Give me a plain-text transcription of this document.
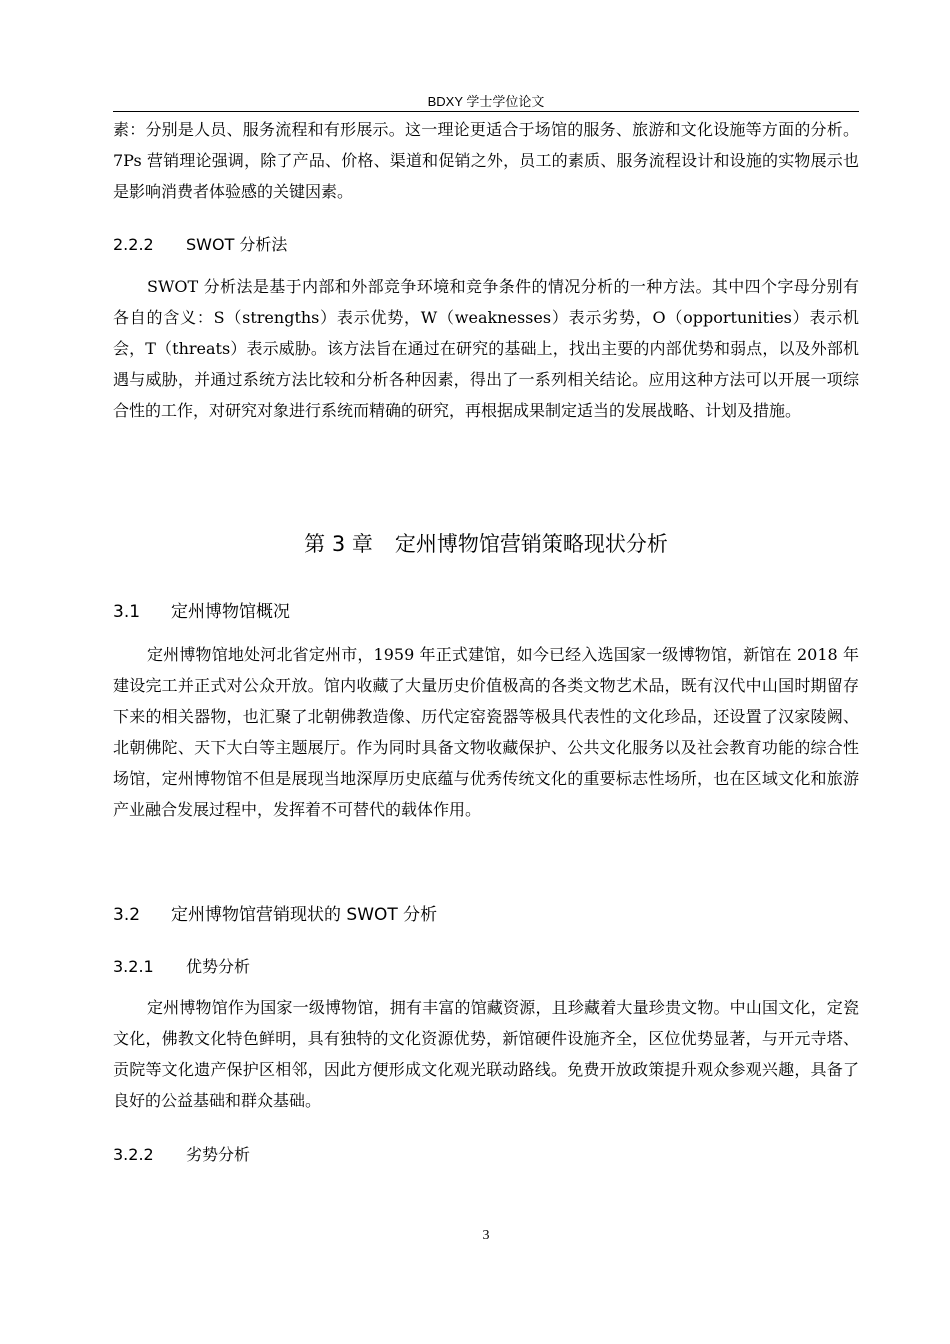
BDXY 学士学位论文

素：分别是人员、服务流程和有形展示。这一理论更适合于场馆的服务、旅游和文化设施等方面的分析。7Ps 营销理论强调，除了产品、价格、渠道和促销之外，员工的素质、服务流程设计和设施的实物展示也是影响消费者体验感的关键因素。

2.2.2 SWOT 分析法

SWOT 分析法是基于内部和外部竞争环境和竞争条件的情况分析的一种方法。其中四个字母分别有各自的含义：S（strengths）表示优势，W（weaknesses）表示劣势，O（opportunities）表示机会，T（threats）表示威胁。该方法旨在通过在研究的基础上，找出主要的内部优势和弱点，以及外部机遇与威胁，并通过系统方法比较和分析各种因素，得出了一系列相关结论。应用这种方法可以开展一项综合性的工作，对研究对象进行系统而精确的研究，再根据成果制定适当的发展战略、计划及措施。

第 3 章 定州博物馆营销策略现状分析

3.1 定州博物馆概况

定州博物馆地处河北省定州市，1959 年正式建馆，如今已经入选国家一级博物馆，新馆在 2018 年建设完工并正式对公众开放。馆内收藏了大量历史价值极高的各类文物艺术品，既有汉代中山国时期留存下来的相关器物，也汇聚了北朝佛教造像、历代定窑瓷器等极具代表性的文化珍品，还设置了汉家陵阙、北朝佛陀、天下大白等主题展厅。作为同时具备文物收藏保护、公共文化服务以及社会教育功能的综合性场馆，定州博物馆不但是展现当地深厚历史底蕴与优秀传统文化的重要标志性场所，也在区域文化和旅游产业融合发展过程中，发挥着不可替代的载体作用。

3.2 定州博物馆营销现状的 SWOT 分析

3.2.1 优势分析

定州博物馆作为国家一级博物馆，拥有丰富的馆藏资源，且珍藏着大量珍贵文物。中山国文化，定瓷文化，佛教文化特色鲜明，具有独特的文化资源优势，新馆硬件设施齐全，区位优势显著，与开元寺塔、贡院等文化遗产保护区相邻，因此方便形成文化观光联动路线。免费开放政策提升观众参观兴趣，具备了良好的公益基础和群众基础。

3.2.2 劣势分析

3
